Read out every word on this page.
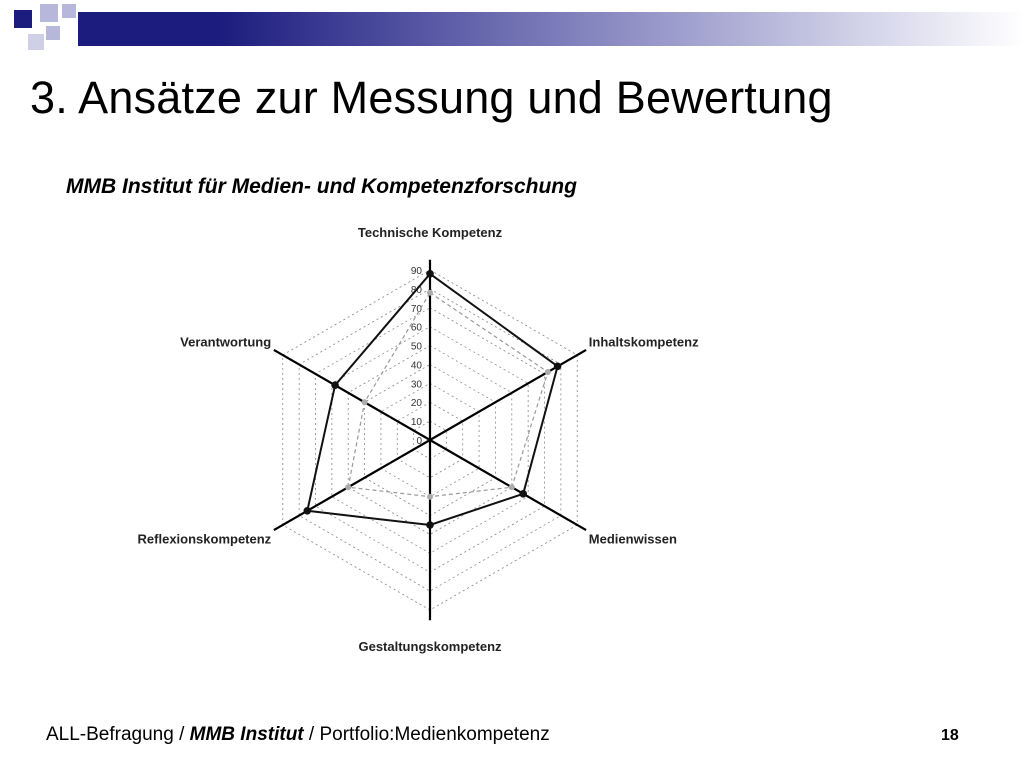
3. Ansätze zur Messung und Bewertung
MMB Institut für Medien- und Kompetenzforschung
0
10
20
30
40
50
60
70
80
90
Technische Kompetenz
Inhaltskompetenz
Medienwissen
Gestaltungskompetenz
Reflexionskompetenz
Verantwortung
ALL-Befragung / MMB Institut / Portfolio:Medienkompetenz	18
